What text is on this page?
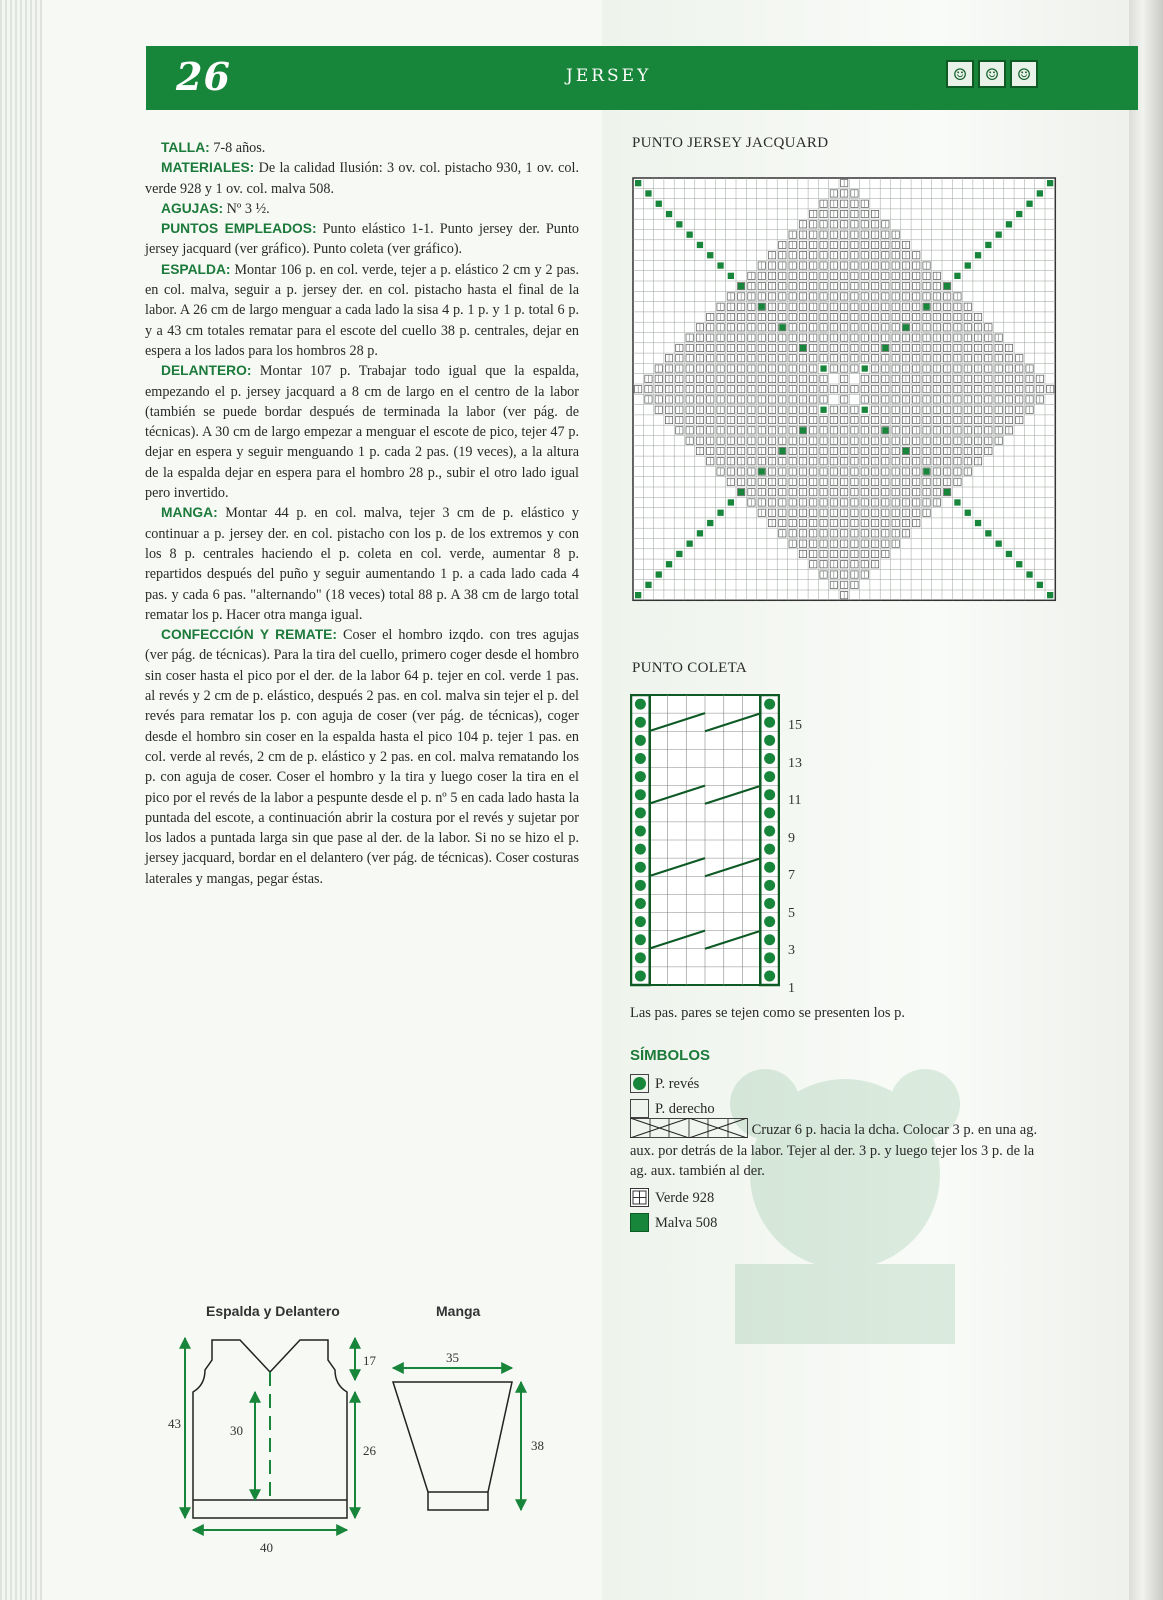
26	JERSEY	☺	☺	☺

TALLA: 7-8 años.

MATERIALES: De la calidad Ilusión: 3 ov. col. pistacho 930, 1 ov. col. verde 928 y 1 ov. col. malva 508.

AGUJAS: Nº 3 ½.

PUNTOS EMPLEADOS: Punto elástico 1-1. Punto jersey der. Punto jersey jacquard (ver gráfico). Punto coleta (ver gráfico).

ESPALDA: Montar 106 p. en col. verde, tejer a p. elástico 2 cm y 2 pas. en col. malva, seguir a p. jersey der. en col. pistacho hasta el final de la labor. A 26 cm de largo menguar a cada lado la sisa 4 p. 1 p. y 1 p. total 6 p. y a 43 cm totales rematar para el escote del cuello 38 p. centrales, dejar en espera a los lados para los hombros 28 p.

DELANTERO: Montar 107 p. Trabajar todo igual que la espalda, empezando el p. jersey jacquard a 8 cm de largo en el centro de la labor (también se puede bordar después de terminada la labor (ver pág. de técnicas). A 30 cm de largo empezar a menguar el escote de pico, tejer 47 p. dejar en espera y seguir menguando 1 p. cada 2 pas. (19 veces), a la altura de la espalda dejar en espera para el hombro 28 p., subir el otro lado igual pero invertido.

MANGA: Montar 44 p. en col. malva, tejer 3 cm de p. elástico y continuar a p. jersey der. en col. pistacho con los p. de los extremos y con los 8 p. centrales haciendo el p. coleta en col. verde, aumentar 8 p. repartidos después del puño y seguir aumentando 1 p. a cada lado cada 4 pas. y cada 6 pas. "alternando" (18 veces) total 88 p. A 38 cm de largo total rematar los p. Hacer otra manga igual.

CONFECCIÓN Y REMATE: Coser el hombro izqdo. con tres agujas (ver pág. de técnicas). Para la tira del cuello, primero coger desde el hombro sin coser hasta el pico por el der. de la labor 64 p. tejer en col. verde 1 pas. al revés y 2 cm de p. elástico, después 2 pas. en col. malva sin tejer el p. del revés para rematar los p. con aguja de coser (ver pág. de técnicas), coger desde el hombro sin coser en la espalda hasta el pico 104 p. tejer 1 pas. en col. verde al revés, 2 cm de p. elástico y 2 pas. en col. malva rematando los p. con aguja de coser. Coser el hombro y la tira y luego coser la tira en el pico por el revés de la labor a pespunte desde el p. nº 5 en cada lado hasta la puntada del escote, a continuación abrir la costura por el revés y sujetar por los lados a puntada larga sin que pase al der. de la labor. Si no se hizo el p. jersey jacquard, bordar en el delantero (ver pág. de técnicas). Coser costuras laterales y mangas, pegar éstas.

PUNTO JERSEY JACQUARD
PUNTO COLETA
15
13
11
9
7
5
3
1
Las pas. pares se tejen como se presenten los p.
SÍMBOLOS
P. revés
P. derecho
Cruzar 6 p. hacia la dcha. Colocar 3 p. en una ag. aux. por detrás de la labor. Tejer al der. 3 p. y luego tejer los 3 p. de la ag. aux. también al der.
Verde 928
Malva 508
Espalda y Delantero	Manga
43
17
30
26
40
35
38
